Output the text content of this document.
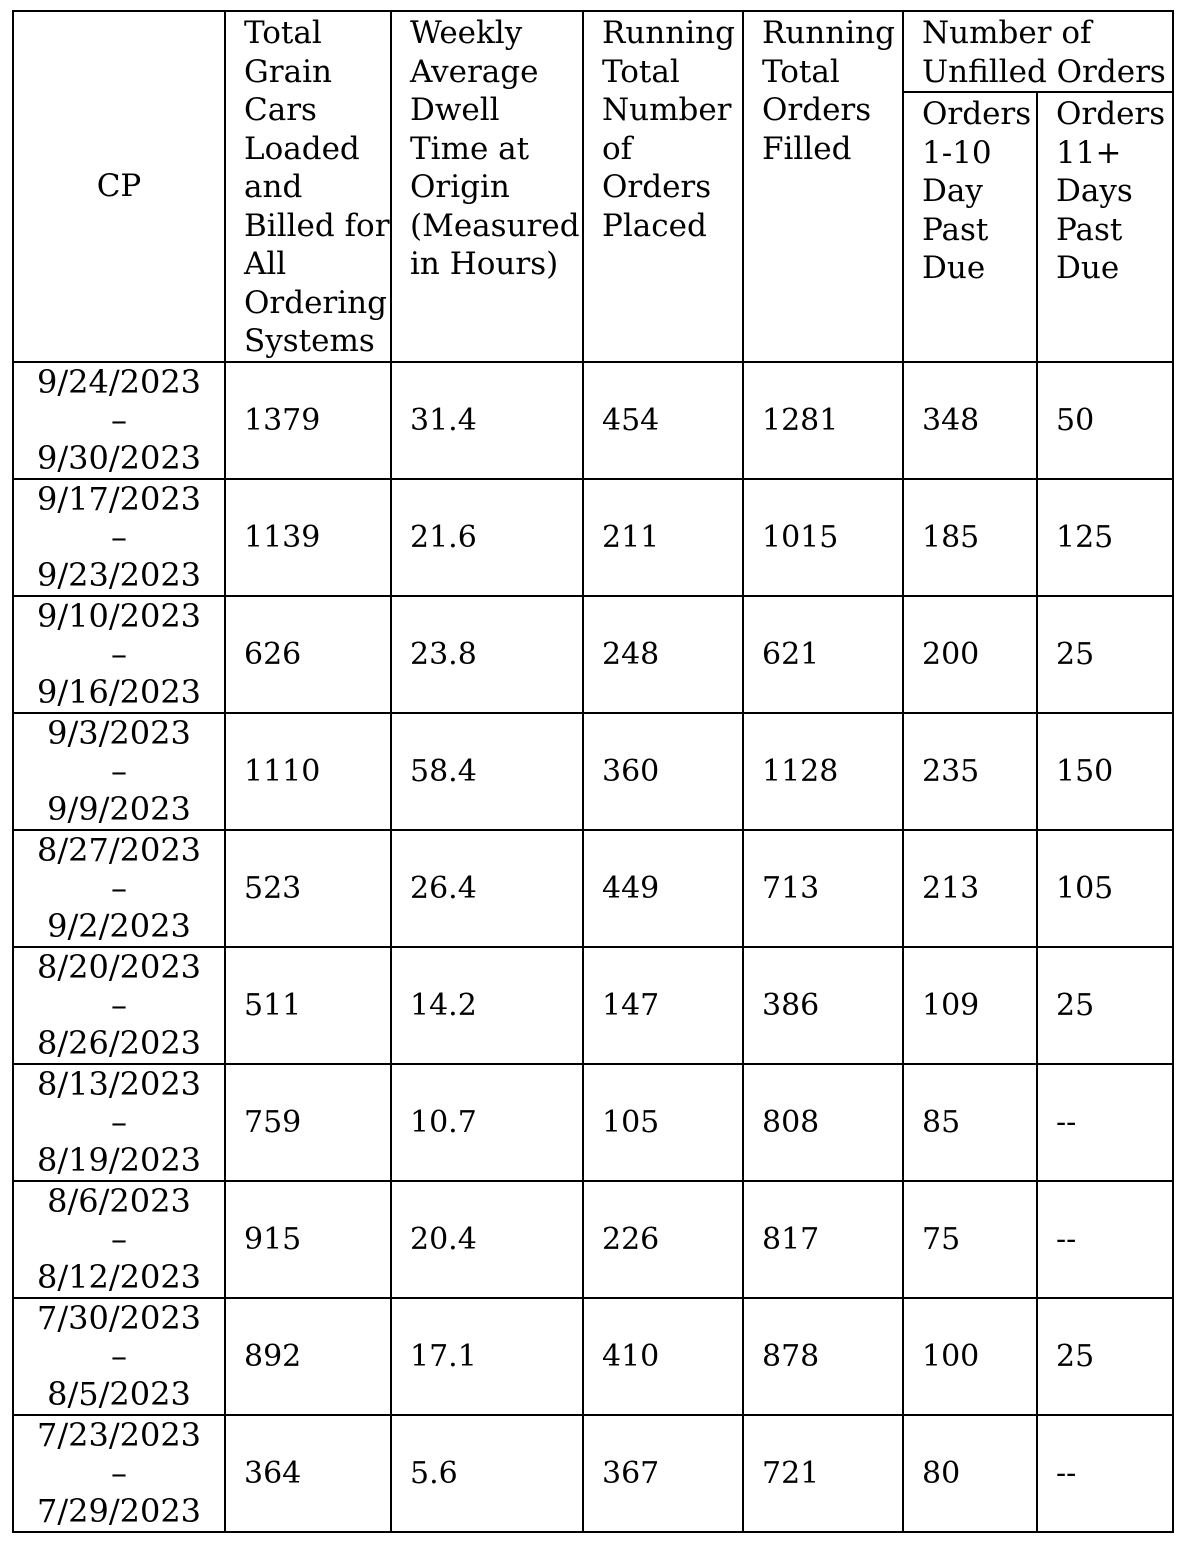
CP	Total Grain Cars Loaded and Billed for All Ordering Systems	Weekly Average Dwell Time at Origin (Measured in Hours)	Running Total Number of Orders Placed	Running Total Orders Filled	Number of Unfilled Orders	
					Orders 1-10 Day Past Due	Orders 11+ Days Past Due

9/24/2023
–
9/30/2023	1379	31.4	454	1281	348	50

9/17/2023
–
9/23/2023	1139	21.6	211	1015	185	125

9/10/2023
–
9/16/2023	626	23.8	248	621	200	25

9/3/2023
–
9/9/2023	1110	58.4	360	1128	235	150

8/27/2023
–
9/2/2023	523	26.4	449	713	213	105

8/20/2023
–
8/26/2023	511	14.2	147	386	109	25

8/13/2023
–
8/19/2023	759	10.7	105	808	85	--

8/6/2023
–
8/12/2023	915	20.4	226	817	75	--

7/30/2023
–
8/5/2023	892	17.1	410	878	100	25

7/23/2023
–
7/29/2023	364	5.6	367	721	80	--
